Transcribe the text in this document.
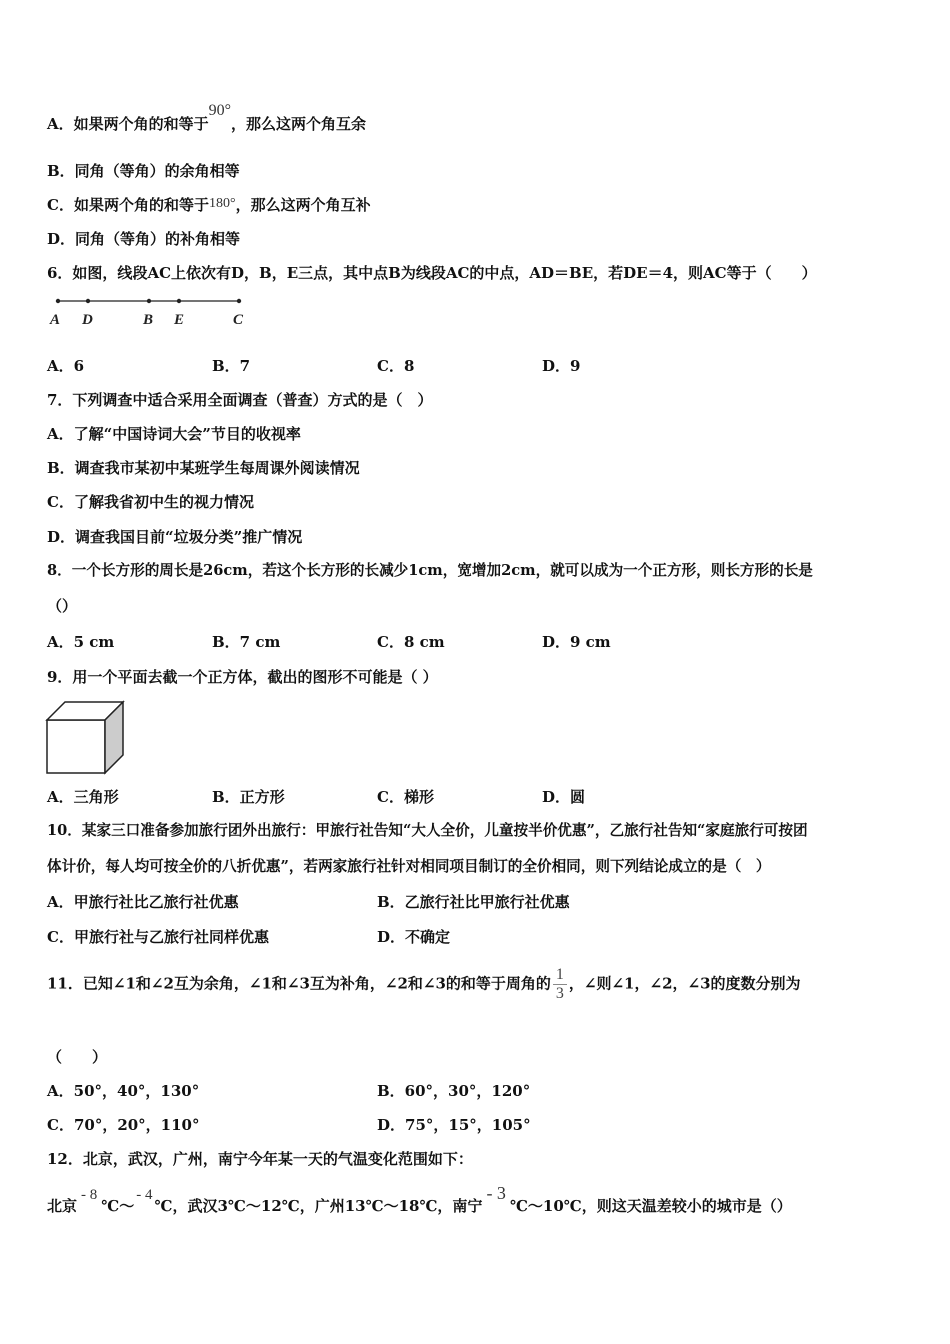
A．如果两个角的和等于90°，那么这两个角互余
B．同角（等角）的余角相等
C．如果两个角的和等于180°，那么这两个角互补
D．同角（等角）的补角相等
6．如图，线段AC上依次有D，B，E三点，其中点B为线段AC的中点，AD＝BE，若DE＝4，则AC等于（　　）
A D	B E	C
A．6	B．7	C．8	D．9
7．下列调查中适合采用全面调查（普查）方式的是（　）
A．了解“中国诗词大会”节目的收视率
B．调查我市某初中某班学生每周课外阅读情况
C．了解我省初中生的视力情况
D．调查我国目前“垃圾分类”推广情况
8．一个长方形的周长是26cm，若这个长方形的长减少1cm，宽增加2cm，就可以成为一个正方形，则长方形的长是
（）
A．5 cm	B．7 cm	C．8 cm	D．9 cm
9．用一个平面去截一个正方体，截出的图形不可能是（ ）
A．三角形	B．正方形	C．梯形	D．圆
10．某家三口准备参加旅行团外出旅行：甲旅行社告知“大人全价，儿童按半价优惠”，乙旅行社告知“家庭旅行可按团
体计价，每人均可按全价的八折优惠”，若两家旅行社针对相同项目制订的全价相同，则下列结论成立的是（　）
A．甲旅行社比乙旅行社优惠	B．乙旅行社比甲旅行社优惠
C．甲旅行社与乙旅行社同样优惠	D．不确定
11．已知∠1和∠2互为余角，∠1和∠3互为补角，∠2和∠3的和等于周角的 $\frac{1}{3}$ ，∠则∠1，∠2，∠3的度数分别为
（　　）
A．50°，40°，130°	B．60°，30°，120°
C．70°，20°，110°	D．75°，15°，105°
12．北京，武汉，广州，南宁今年某一天的气温变化范围如下：
北京- 8℃～- 4℃，武汉3℃～12℃，广州13℃～18℃，南宁- 3℃～10℃，则这天温差较小的城市是（）
